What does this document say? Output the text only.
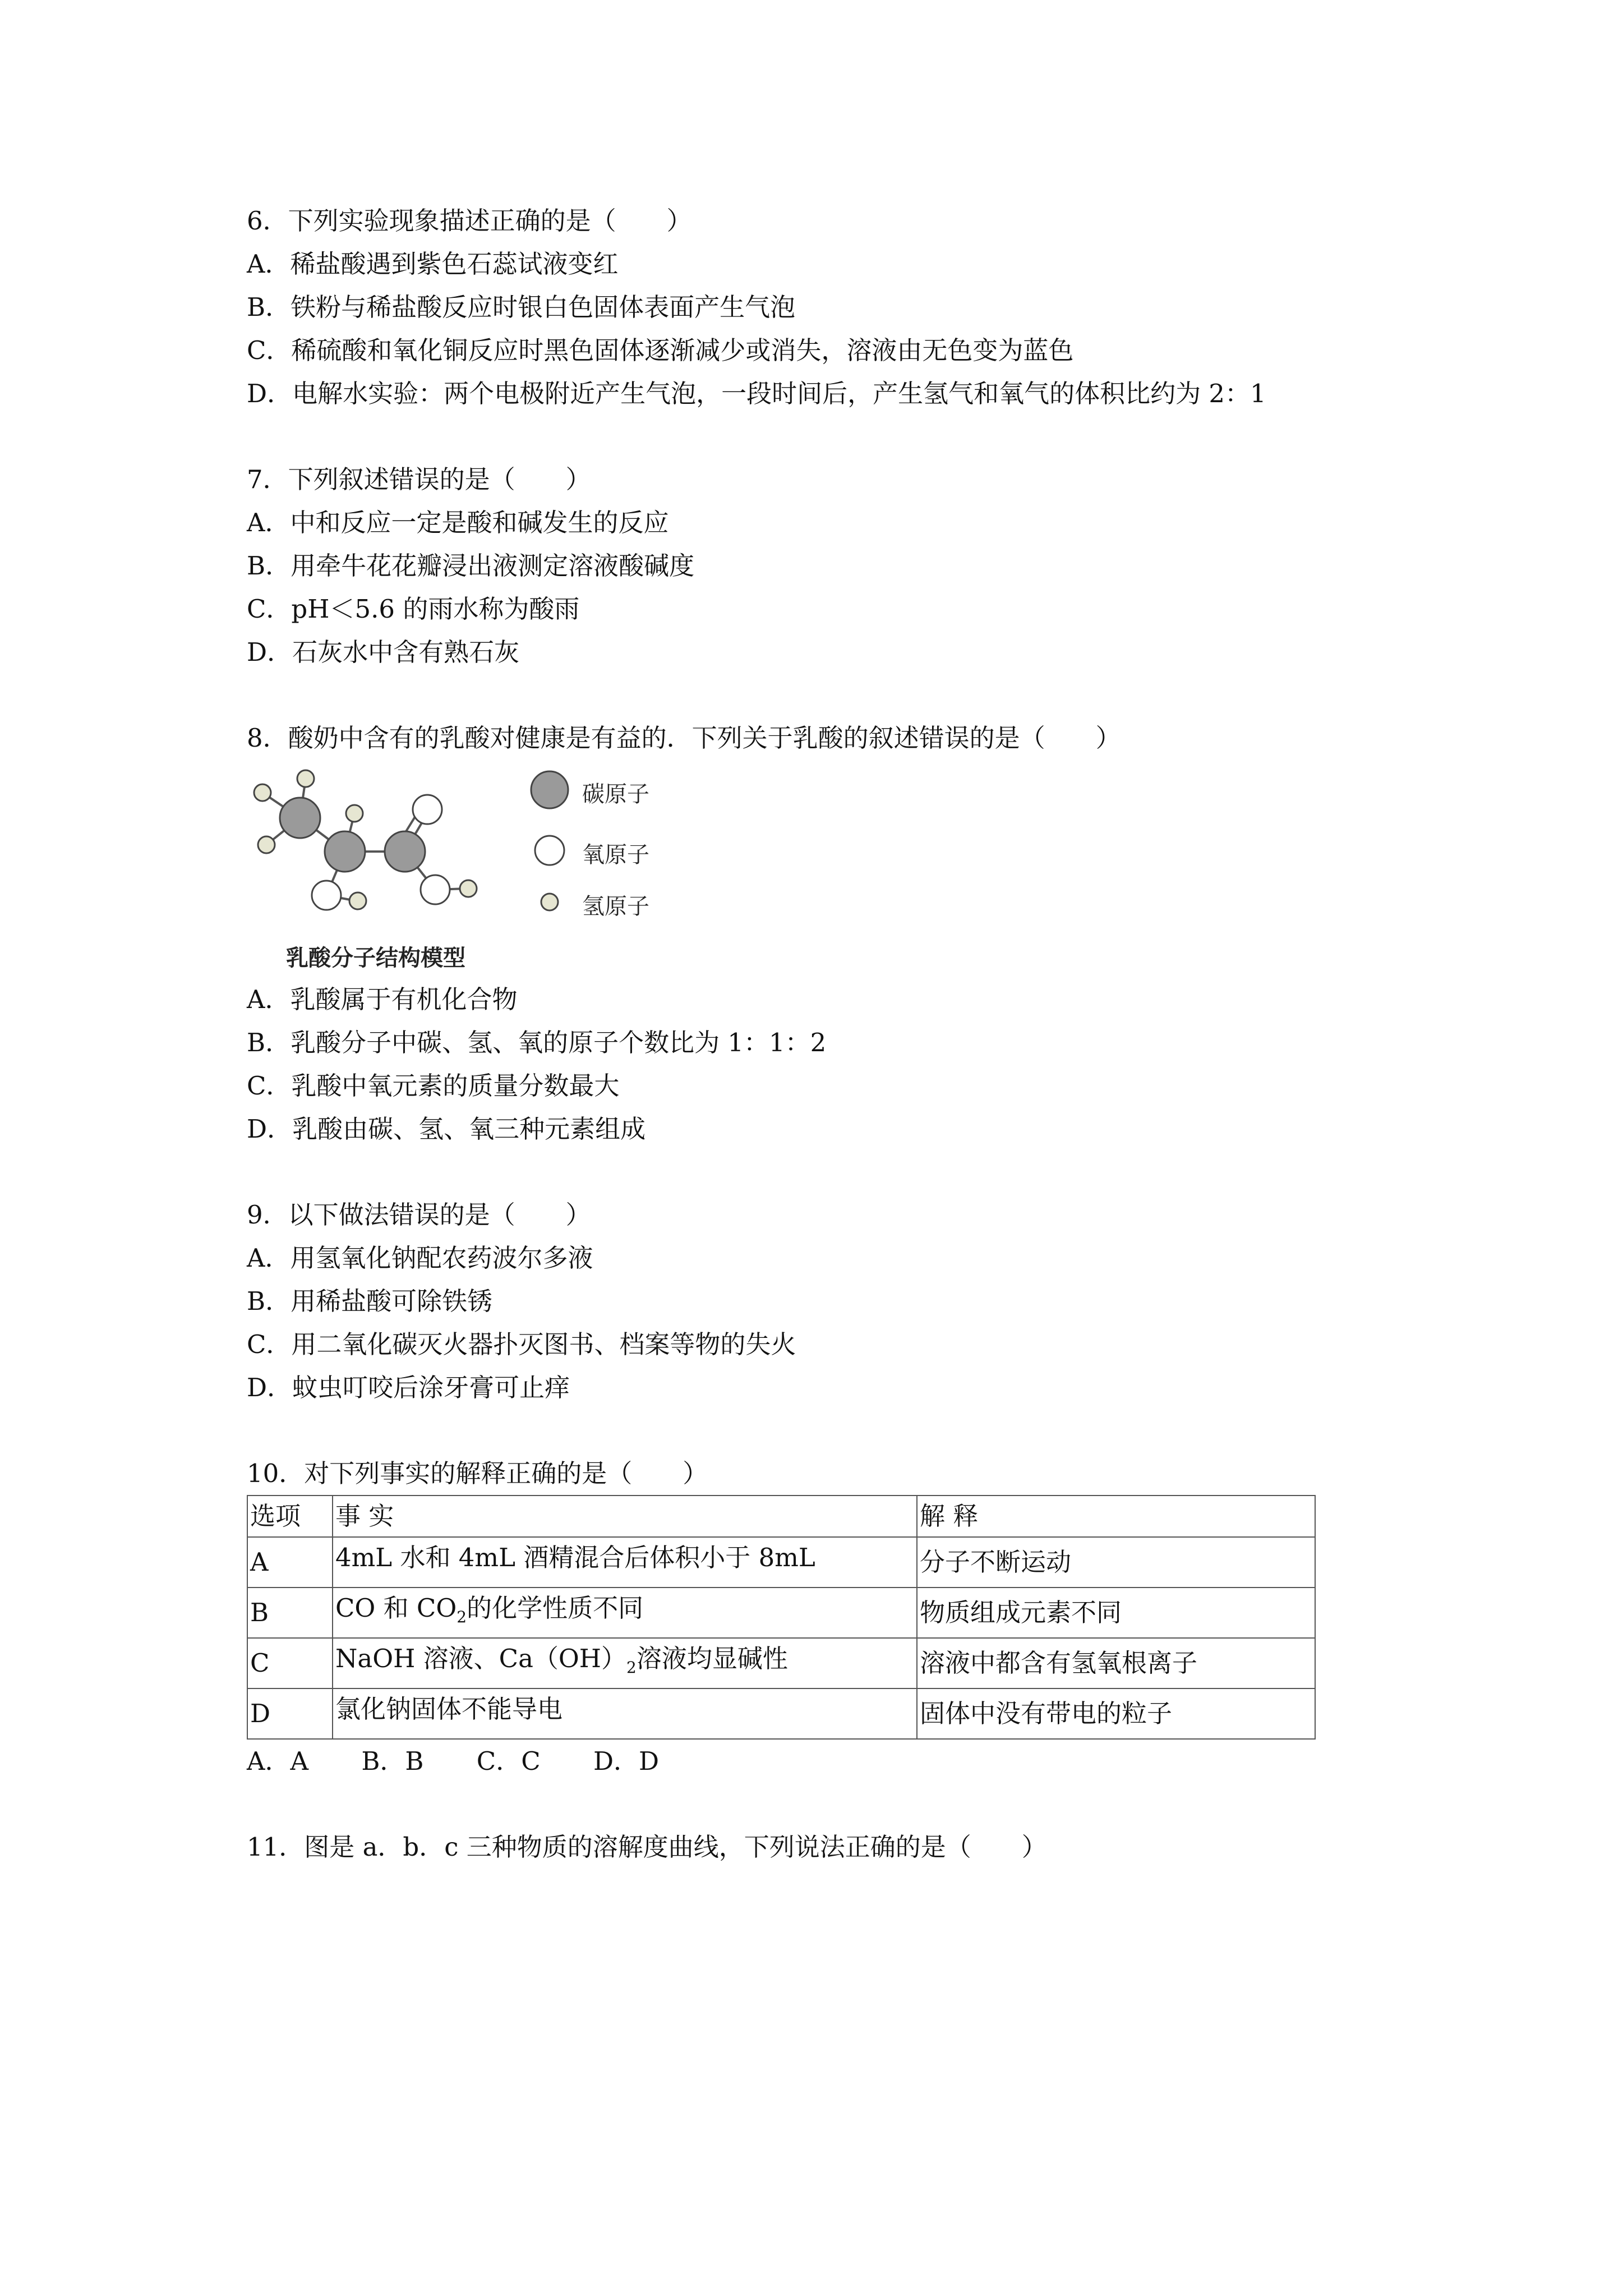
6．下列实验现象描述正确的是（　　）
A．稀盐酸遇到紫色石蕊试液变红
B．铁粉与稀盐酸反应时银白色固体表面产生气泡
C．稀硫酸和氧化铜反应时黑色固体逐渐减少或消失，溶液由无色变为蓝色
D．电解水实验：两个电极附近产生气泡，一段时间后，产生氢气和氧气的体积比约为 2：1
7．下列叙述错误的是（　　）
A．中和反应一定是酸和碱发生的反应
B．用牵牛花花瓣浸出液测定溶液酸碱度
C．pH＜5.6 的雨水称为酸雨
D．石灰水中含有熟石灰
8．酸奶中含有的乳酸对健康是有益的．下列关于乳酸的叙述错误的是（　　）
碳原子
氧原子
氢原子
乳酸分子结构模型
A．乳酸属于有机化合物
B．乳酸分子中碳、氢、氧的原子个数比为 1：1：2
C．乳酸中氧元素的质量分数最大
D．乳酸由碳、氢、氧三种元素组成
9．以下做法错误的是（　　）
A．用氢氧化钠配农药波尔多液
B．用稀盐酸可除铁锈
C．用二氧化碳灭火器扑灭图书、档案等物的失火
D．蚊虫叮咬后涂牙膏可止痒
10．对下列事实的解释正确的是（　　）
选项	事 实	解 释
A	4mL 水和 4mL 酒精混合后体积小于 8mL	分子不断运动
B	CO 和 $CO_2$的化学性质不同	物质组成元素不同
C	NaOH 溶液、$Ca(OH)_2$溶液均显碱性	溶液中都含有氢氧根离子
D	氯化钠固体不能导电	固体中没有带电的粒子
A．A B．B C．C D．D
11．图是 a．b．c 三种物质的溶解度曲线，下列说法正确的是（　　）
